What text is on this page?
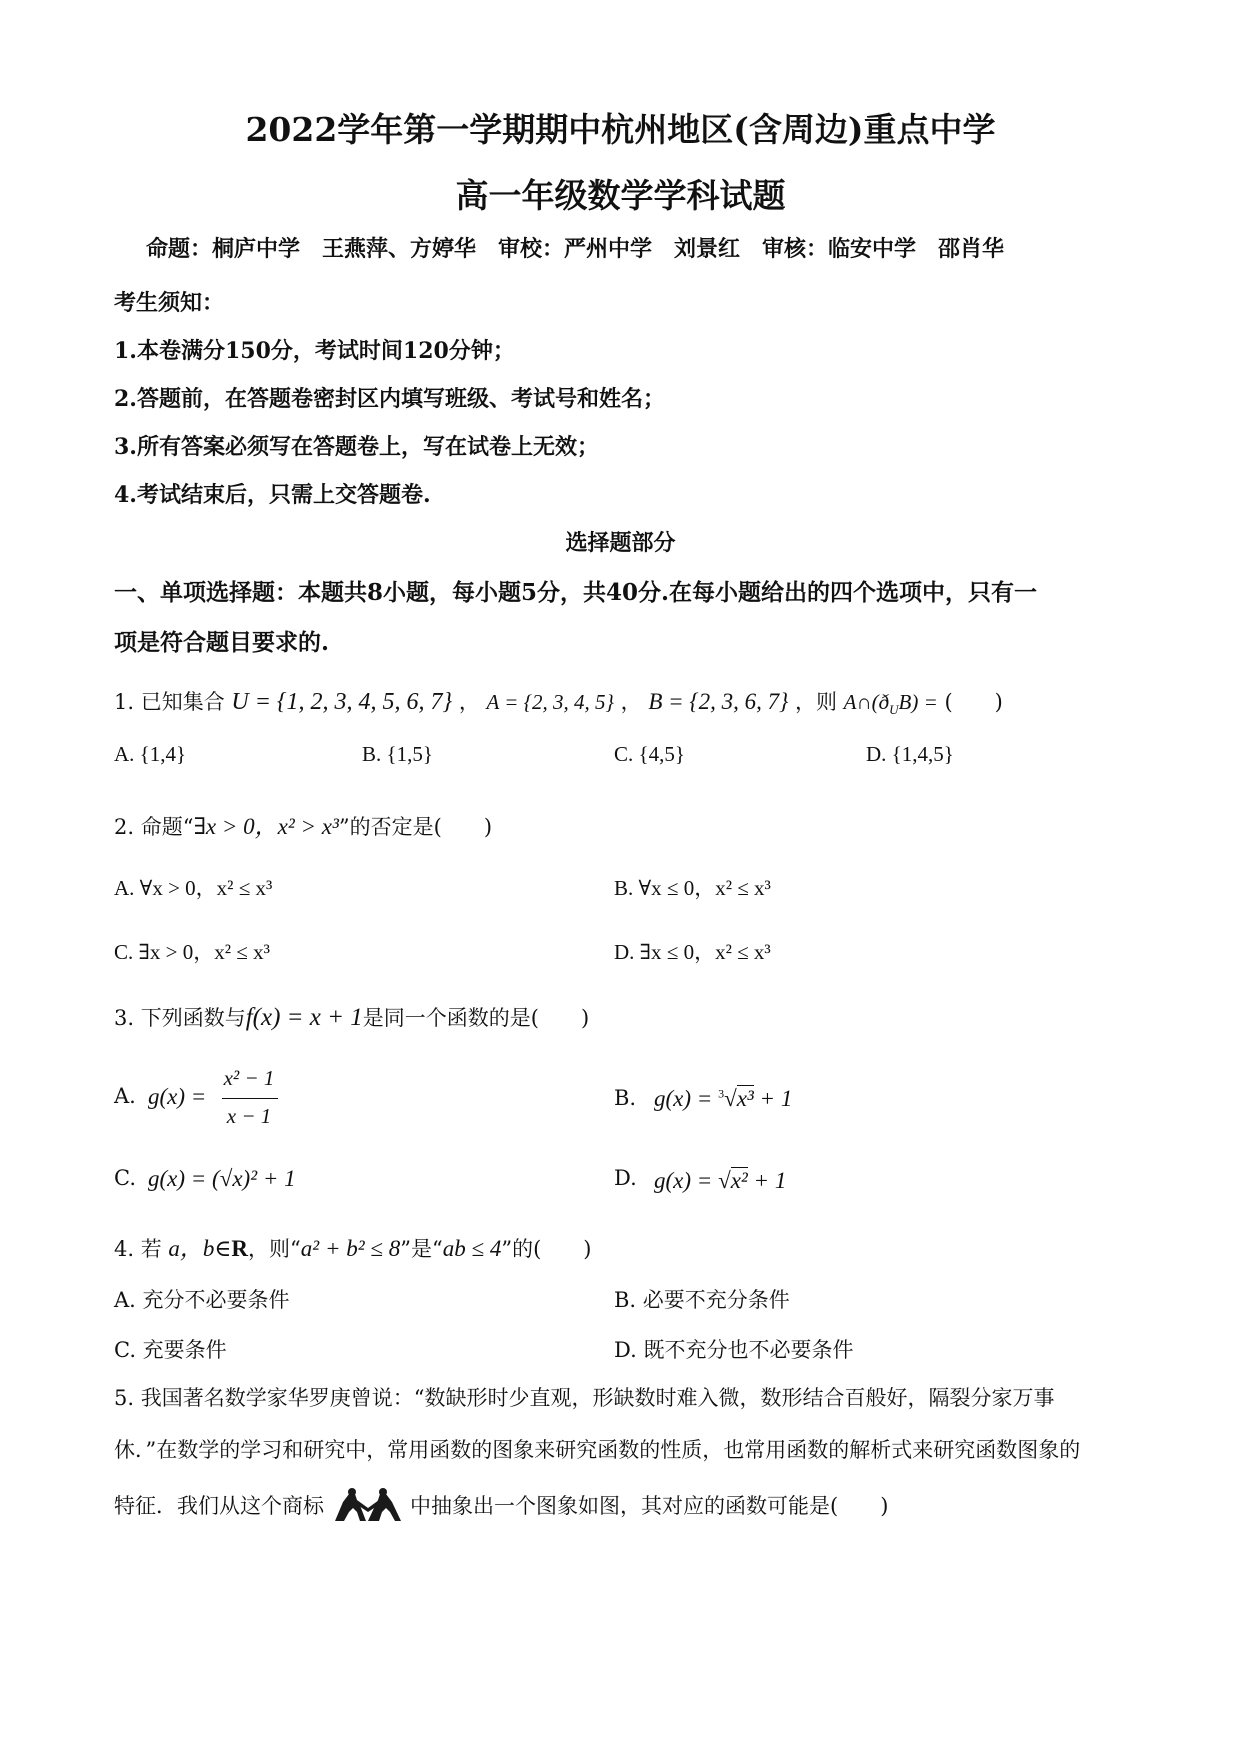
2022学年第一学期期中杭州地区(含周边)重点中学
高一年级数学学科试题
命题：桐庐中学　王燕萍、方婷华　审校：严州中学　刘景红　审核：临安中学　邵肖华
考生须知：
1.本卷满分150分，考试时间120分钟；
2.答题前，在答题卷密封区内填写班级、考试号和姓名；
3.所有答案必须写在答题卷上，写在试卷上无效；
4.考试结束后，只需上交答题卷.
选择题部分
一、单项选择题：本题共8小题，每小题5分，共40分.在每小题给出的四个选项中，只有一
项是符合题目要求的.
1. 已知集合 U = {1, 2, 3, 4, 5, 6, 7} ， A = {2, 3, 4, 5} ， B = {2, 3, 6, 7} ，则 $A\cap(ð_UB)$ = (　　)
A. {1,4}	B. {1,5}	C. {4,5}	D. {1,4,5}
2. 命题“∃x > 0，x² > x³”的否定是(　　)
A. ∀x > 0，x² ≤ x³	B. ∀x ≤ 0，x² ≤ x³
C. ∃x > 0，x² ≤ x³	D. ∃x ≤ 0，x² ≤ x³
3. 下列函数与f(x) = x + 1是同一个函数的是(　　)
A. g(x) =
x² − 1
x − 1
B. g(x) = $^3$√x³ + 1
C. g(x) = (√x)² + 1	D. g(x) = √x² + 1
4. 若 a，b∈R，则“a² + b² ≤ 8”是“ab ≤ 4”的(　　)
A. 充分不必要条件	B. 必要不充分条件
C. 充要条件	D. 既不充分也不必要条件
5. 我国著名数学家华罗庚曾说：“数缺形时少直观，形缺数时难入微，数形结合百般好，隔裂分家万事
休．”在数学的学习和研究中，常用函数的图象来研究函数的性质，也常用函数的解析式来研究函数图象的
特征．我们从这个商标	中抽象出一个图象如图，其对应的函数可能是(　　)
